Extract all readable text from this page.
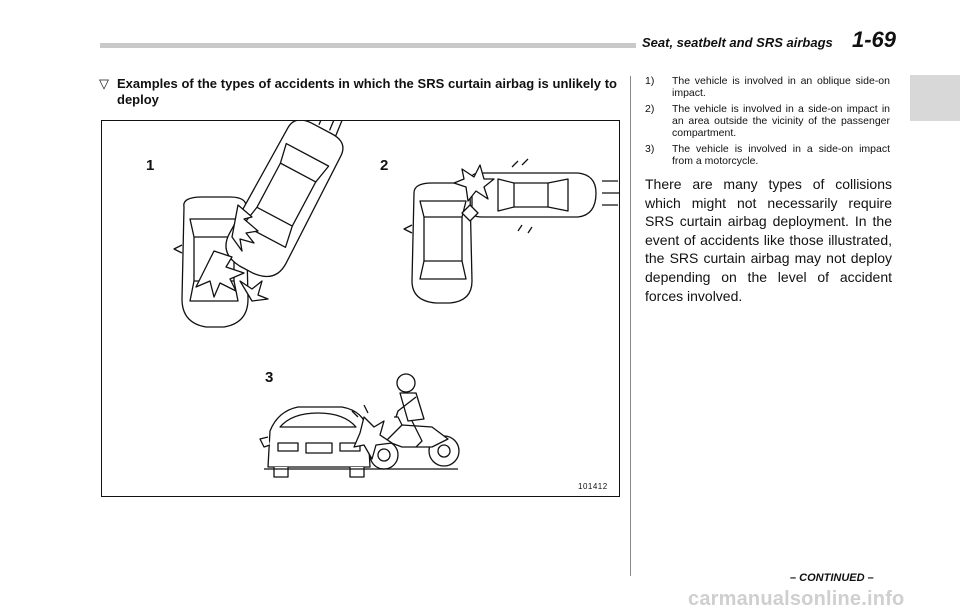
Seat, seatbelt and SRS airbags 1-69
▽ Examples of the types of accidents in which the SRS curtain airbag is unlikely to deploy
1	2
3
101412
1) The vehicle is involved in an oblique side-on impact.
2) The vehicle is involved in a side-on impact in an area outside the vicinity of the passenger compartment.
3) The vehicle is involved in a side-on impact from a motorcycle.

There are many types of collisions which might not necessarily require SRS curtain airbag deployment. In the event of accidents like those illustrated, the SRS curtain airbag may not deploy depending on the level of accident forces involved.

– CONTINUED –
carmanualsonline.info
